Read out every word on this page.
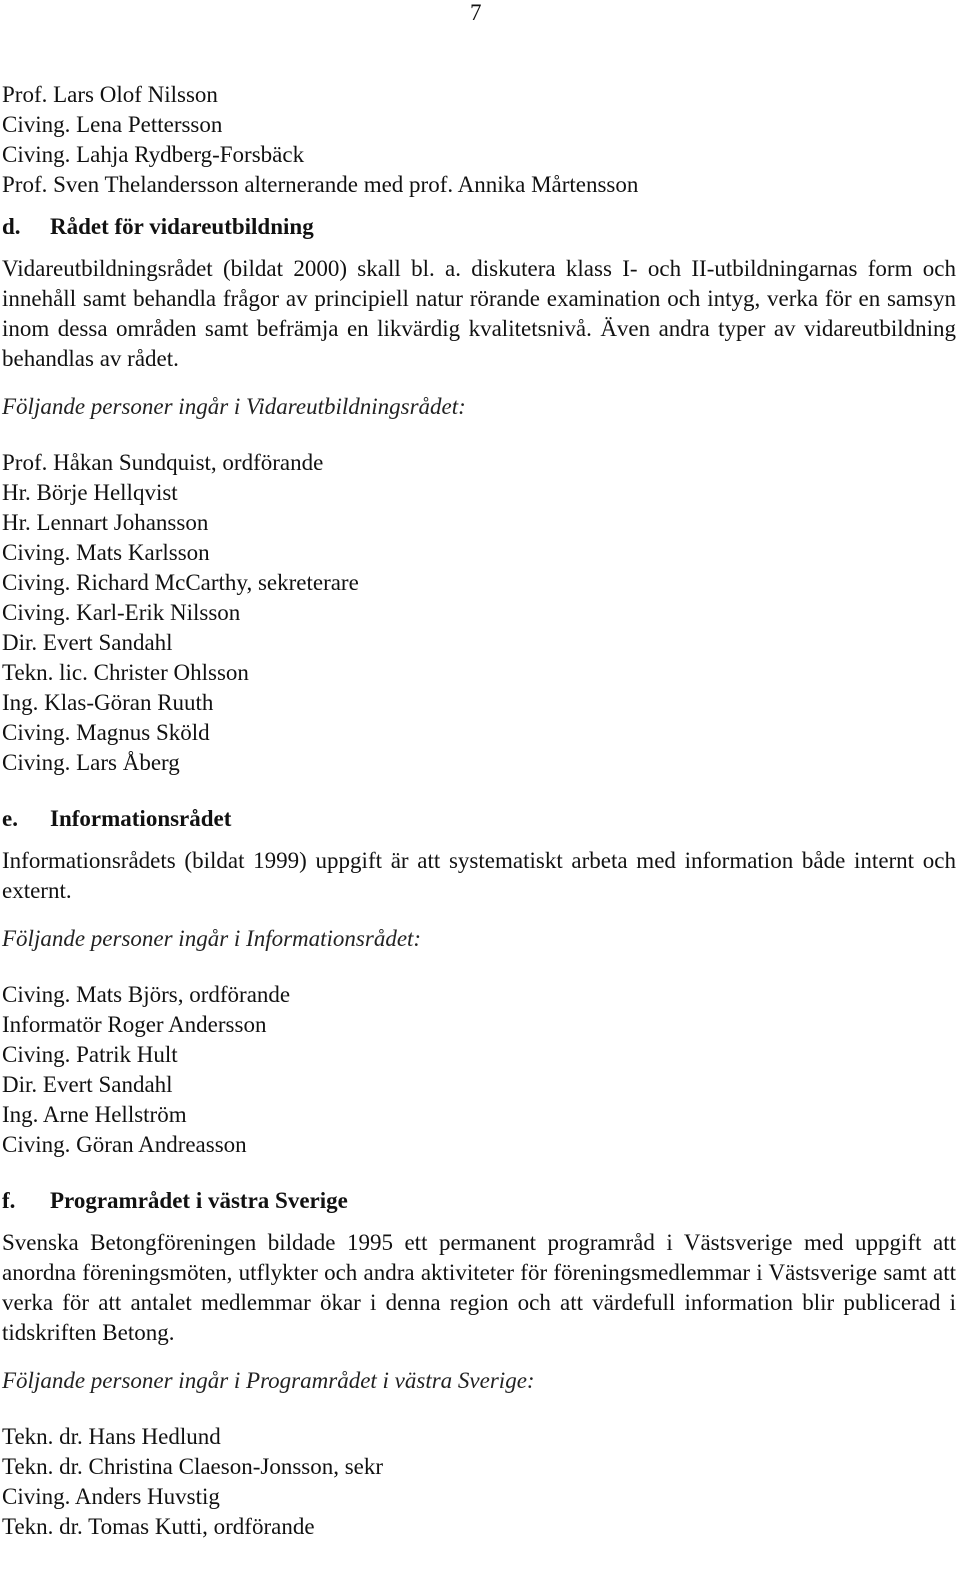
7
Prof. Lars Olof Nilsson
Civing. Lena Pettersson
Civing. Lahja Rydberg-Forsbäck
Prof. Sven Thelandersson alternerande med prof. Annika Mårtensson
d.	Rådet för vidareutbildning

Vidareutbildningsrådet (bildat 2000) skall bl. a. diskutera klass I- och II-utbildningarnas form och innehåll samt behandla frågor av principiell natur rörande examination och intyg, verka för en samsyn inom dessa områden samt befrämja en likvärdig kvalitetsnivå. Även andra typer av vidareutbildning behandlas av rådet.

Följande personer ingår i Vidareutbildningsrådet:

Prof. Håkan Sundquist, ordförande
Hr. Börje Hellqvist
Hr. Lennart Johansson
Civing. Mats Karlsson
Civing. Richard McCarthy, sekreterare
Civing. Karl-Erik Nilsson
Dir. Evert Sandahl
Tekn. lic. Christer Ohlsson
Ing. Klas-Göran Ruuth
Civing. Magnus Sköld
Civing. Lars Åberg
e.	Informationsrådet

Informationsrådets (bildat 1999) uppgift är att systematiskt arbeta med information både internt och externt.

Följande personer ingår i Informationsrådet:

Civing. Mats Björs, ordförande
Informatör Roger Andersson
Civing. Patrik Hult
Dir. Evert Sandahl
Ing. Arne Hellström
Civing. Göran Andreasson
f.	Programrådet i västra Sverige

Svenska Betongföreningen bildade 1995 ett permanent programråd i Västsverige med uppgift att anordna föreningsmöten, utflykter och andra aktiviteter för föreningsmedlemmar i Västsverige samt att verka för att antalet medlemmar ökar i denna region och att värdefull information blir publicerad i tidskriften Betong.

Följande personer ingår i Programrådet i västra Sverige:

Tekn. dr. Hans Hedlund
Tekn. dr. Christina Claeson-Jonsson, sekr
Civing. Anders Huvstig
Tekn. dr. Tomas Kutti, ordförande
